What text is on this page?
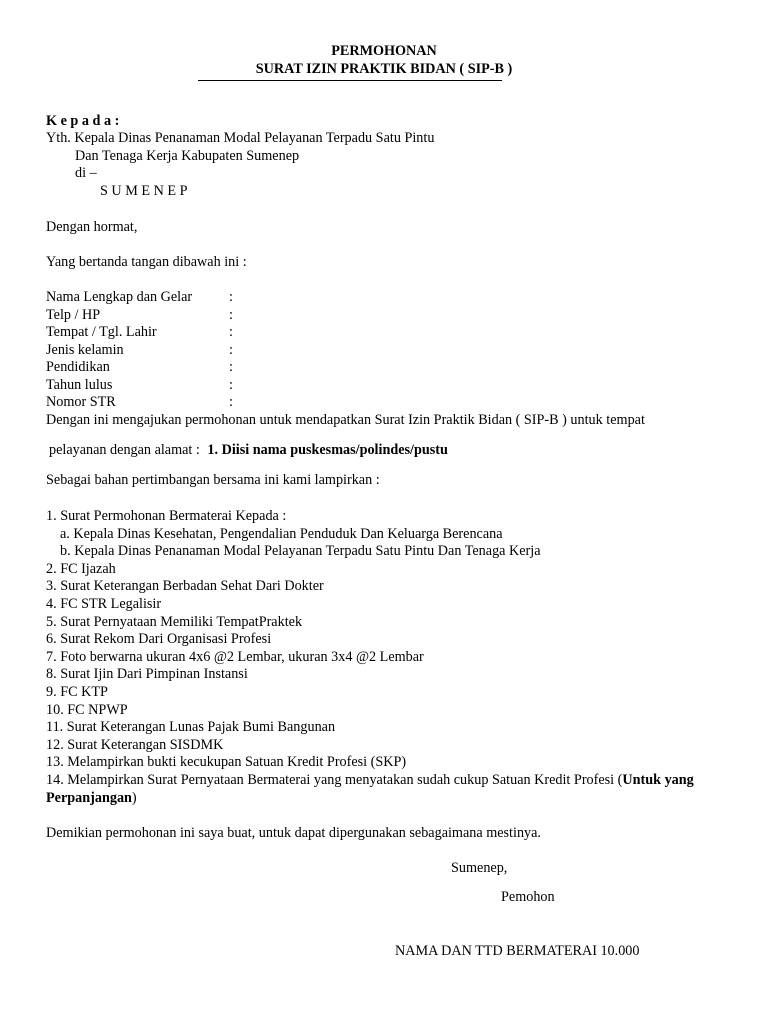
PERMOHONAN
SURAT IZIN PRAKTIK BIDAN ( SIP-B )
K e p a d a :
Yth. Kepala Dinas Penanaman Modal Pelayanan Terpadu Satu Pintu
Dan Tenaga Kerja Kabupaten Sumenep
di –
S U M E N E P
Dengan hormat,
Yang bertanda tangan dibawah ini :
Nama Lengkap dan Gelar	:
Telp / HP	:
Tempat / Tgl. Lahir	:
Jenis kelamin	:
Pendidikan	:
Tahun lulus	:
Nomor STR	:
Dengan ini mengajukan permohonan untuk mendapatkan Surat Izin Praktik Bidan ( SIP-B ) untuk tempat
pelayanan dengan alamat : 1. Diisi nama puskesmas/polindes/pustu
Sebagai bahan pertimbangan bersama ini kami lampirkan :
1. Surat Permohonan Bermaterai Kepada :
a. Kepala Dinas Kesehatan, Pengendalian Penduduk Dan Keluarga Berencana
b. Kepala Dinas Penanaman Modal Pelayanan Terpadu Satu Pintu Dan Tenaga Kerja
2. FC Ijazah
3. Surat Keterangan Berbadan Sehat Dari Dokter
4. FC STR Legalisir
5. Surat Pernyataan Memiliki TempatPraktek
6. Surat Rekom Dari Organisasi Profesi
7. Foto berwarna ukuran 4x6 @2 Lembar, ukuran 3x4 @2 Lembar
8. Surat Ijin Dari Pimpinan Instansi
9. FC KTP
10. FC NPWP
11. Surat Keterangan Lunas Pajak Bumi Bangunan
12. Surat Keterangan SISDMK
13. Melampirkan bukti kecukupan Satuan Kredit Profesi (SKP)
14. Melampirkan Surat Pernyataan Bermaterai yang menyatakan sudah cukup Satuan Kredit Profesi (Untuk yang
Perpanjangan)
Demikian permohonan ini saya buat, untuk dapat dipergunakan sebagaimana mestinya.
Sumenep,
Pemohon
NAMA DAN TTD BERMATERAI 10.000
